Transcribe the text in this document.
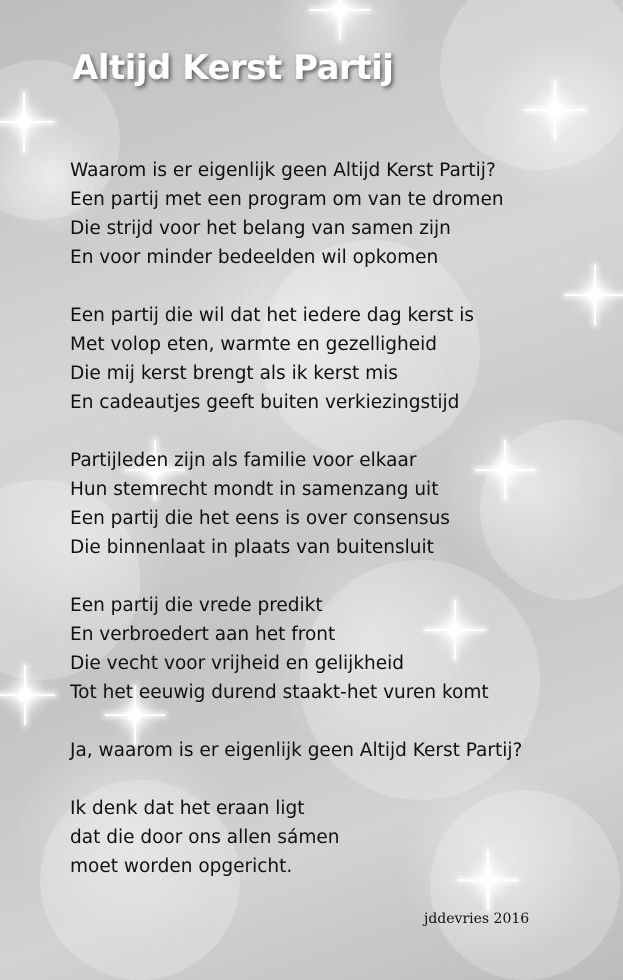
Altijd Kerst Partij

Waarom is er eigenlijk geen Altijd Kerst Partij?
Een partij met een program om van te dromen
Die strijd voor het belang van samen zijn
En voor minder bedeelden wil opkomen

Een partij die wil dat het iedere dag kerst is
Met volop eten, warmte en gezelligheid
Die mij kerst brengt als ik kerst mis
En cadeautjes geeft buiten verkiezingstijd

Partijleden zijn als familie voor elkaar
Hun stemrecht mondt in samenzang uit
Een partij die het eens is over consensus
Die binnenlaat in plaats van buitensluit

Een partij die vrede predikt
En verbroedert aan het front
Die vecht voor vrijheid en gelijkheid
Tot het eeuwig durend staakt-het vuren komt

Ja, waarom is er eigenlijk geen Altijd Kerst Partij?

Ik denk dat het eraan ligt
dat die door ons allen sámen
moet worden opgericht.

jddevries 2016
